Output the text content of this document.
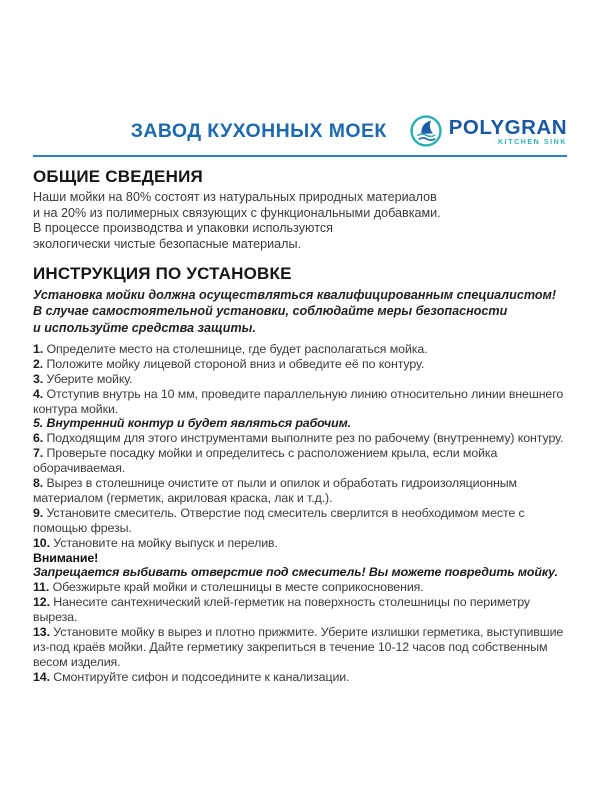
ЗАВОД КУХОННЫХ МОЕК	POLYGRAN
KITCHEN SINK
ОБЩИЕ СВЕДЕНИЯ
Наши мойки на 80% состоят из натуральных природных материалов
и на 20% из полимерных связующих с функциональными добавками.
В процессе производства и упаковки используются
экологически чистые безопасные материалы.
ИНСТРУКЦИЯ ПО УСТАНОВКЕ
Установка мойки должна осуществляться квалифицированным специалистом!
В случае самостоятельной установки, соблюдайте меры безопасности
и используйте средства защиты.
1. Определите место на столешнице, где будет располагаться мойка.
2. Положите мойку лицевой стороной вниз и обведите её по контуру.
3. Уберите мойку.
4. Отступив внутрь на 10 мм, проведите параллельную линию относительно линии внешнего контура мойки.
5. Внутренний контур и будет являться рабочим.
6. Подходящим для этого инструментами выполните рез по рабочему (внутреннему) контуру.
7. Проверьте посадку мойки и определитесь с расположением крыла, если мойка оборачиваемая.
8. Вырез в столешнице очистите от пыли и опилок и обработать гидроизоляционным материалом (герметик, акриловая краска, лак и т.д.).
9. Установите смеситель. Отверстие под смеситель сверлится в необходимом месте с помощью фрезы.
10. Установите на мойку выпуск и перелив.
Внимание!
Запрещается выбивать отверстие под смеситель! Вы можете повредить мойку.
11. Обезжирьте край мойки и столешницы в месте соприкосновения.
12. Нанесите сантехнический клей-герметик на поверхность столешницы по периметру выреза.
13. Установите мойку в вырез и плотно прижмите. Уберите излишки герметика, выступившие из-под краёв мойки. Дайте герметику закрепиться в течение 10-12 часов под собственным весом изделия.
14. Смонтируйте сифон и подсоедините к канализации.
